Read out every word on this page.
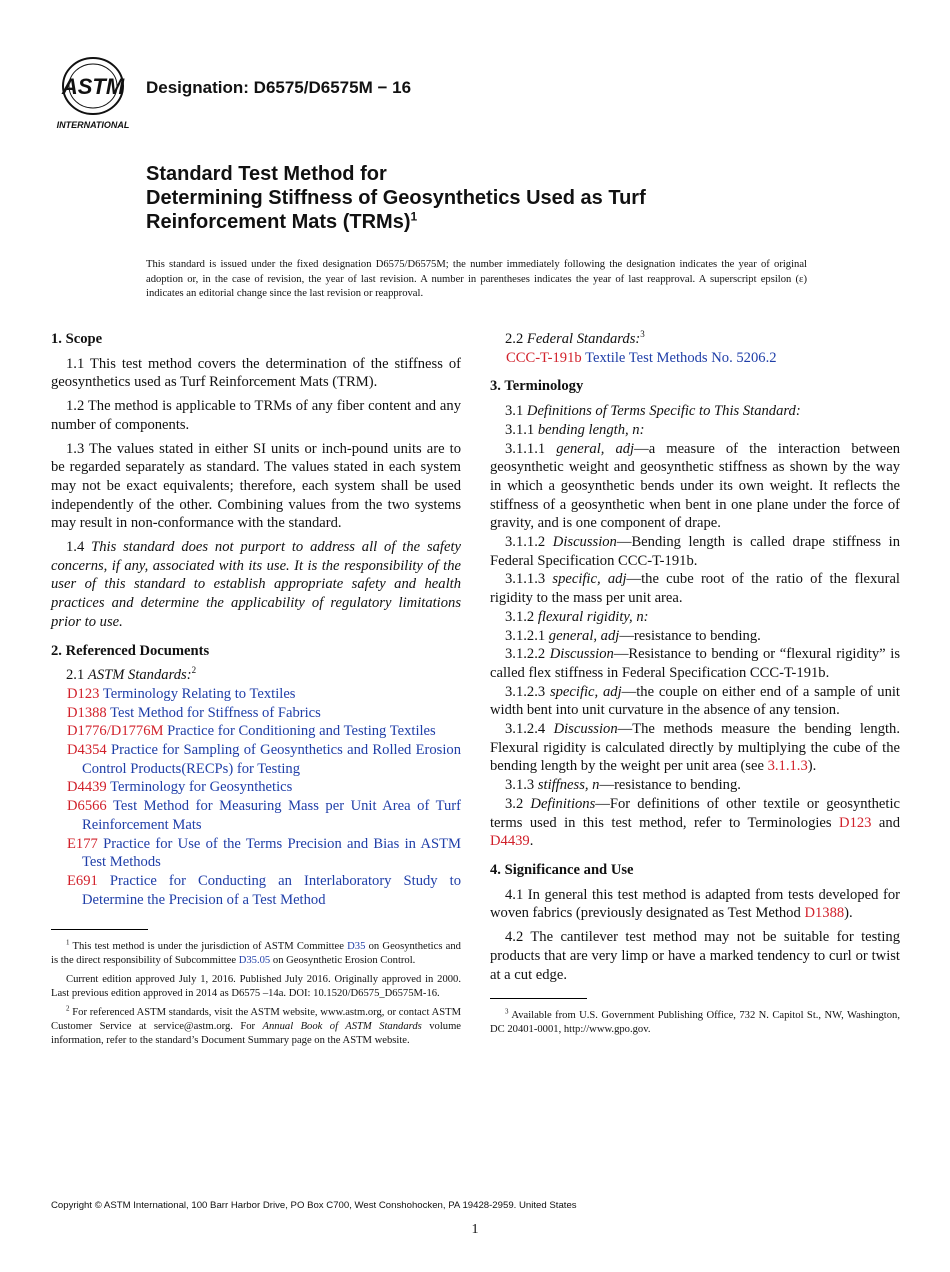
ASTM
INTERNATIONAL
Designation: D6575/D6575M − 16
Standard Test Method for
Determining Stiffness of Geosynthetics Used as Turf
Reinforcement Mats (TRMs)$^1$
This standard is issued under the fixed designation D6575/D6575M; the number immediately following the designation indicates the year of original adoption or, in the case of revision, the year of last revision. A number in parentheses indicates the year of last reapproval. A superscript epsilon (ε) indicates an editorial change since the last revision or reapproval.

1. Scope

1.1 This test method covers the determination of the stiffness of geosynthetics used as Turf Reinforcement Mats (TRM).

1.2 The method is applicable to TRMs of any fiber content and any number of components.

1.3 The values stated in either SI units or inch-pound units are to be regarded separately as standard. The values stated in each system may not be exact equivalents; therefore, each system shall be used independently of the other. Combining values from the two systems may result in non-conformance with the standard.

1.4 This standard does not purport to address all of the safety concerns, if any, associated with its use. It is the responsibility of the user of this standard to establish appropriate safety and health practices and determine the applicability of regulatory limitations prior to use.

2. Referenced Documents

2.1 ASTM Standards:$^2$

D123 Terminology Relating to Textiles

D1388 Test Method for Stiffness of Fabrics

D1776/D1776M Practice for Conditioning and Testing Textiles

D4354 Practice for Sampling of Geosynthetics and Rolled Erosion Control Products(RECPs) for Testing

D4439 Terminology for Geosynthetics

D6566 Test Method for Measuring Mass per Unit Area of Turf Reinforcement Mats

E177 Practice for Use of the Terms Precision and Bias in ASTM Test Methods

E691 Practice for Conducting an Interlaboratory Study to Determine the Precision of a Test Method

$^1$ This test method is under the jurisdiction of ASTM Committee D35 on Geosynthetics and is the direct responsibility of Subcommittee D35.05 on Geosynthetic Erosion Control.

Current edition approved July 1, 2016. Published July 2016. Originally approved in 2000. Last previous edition approved in 2014 as D6575 –14a. DOI: 10.1520/D6575_D6575M-16.

$^2$ For referenced ASTM standards, visit the ASTM website, www.astm.org, or contact ASTM Customer Service at service@astm.org. For Annual Book of ASTM Standards volume information, refer to the standard’s Document Summary page on the ASTM website.

2.2 Federal Standards:$^3$

CCC-T-191b Textile Test Methods No. 5206.2

3. Terminology

3.1 Definitions of Terms Specific to This Standard:

3.1.1 bending length, n:

3.1.1.1 general, adj—a measure of the interaction between geosynthetic weight and geosynthetic stiffness as shown by the way in which a geosynthetic bends under its own weight. It reflects the stiffness of a geosynthetic when bent in one plane under the force of gravity, and is one component of drape.

3.1.1.2 Discussion—Bending length is called drape stiffness in Federal Specification CCC-T-191b.

3.1.1.3 specific, adj—the cube root of the ratio of the flexural rigidity to the mass per unit area.

3.1.2 flexural rigidity, n:

3.1.2.1 general, adj—resistance to bending.

3.1.2.2 Discussion—Resistance to bending or “flexural rigidity” is called flex stiffness in Federal Specification CCC-T-191b.

3.1.2.3 specific, adj—the couple on either end of a sample of unit width bent into unit curvature in the absence of any tension.

3.1.2.4 Discussion—The methods measure the bending length. Flexural rigidity is calculated directly by multiplying the cube of the bending length by the weight per unit area (see 3.1.1.3).

3.1.3 stiffness, n—resistance to bending.

3.2 Definitions—For definitions of other textile or geosynthetic terms used in this test method, refer to Terminologies D123 and D4439.

4. Significance and Use

4.1 In general this test method is adapted from tests developed for woven fabrics (previously designated as Test Method D1388).

4.2 The cantilever test method may not be suitable for testing products that are very limp or have a marked tendency to curl or twist at a cut edge.

$^3$ Available from U.S. Government Publishing Office, 732 N. Capitol St., NW, Washington, DC 20401-0001, http://www.gpo.gov.

Copyright © ASTM International, 100 Barr Harbor Drive, PO Box C700, West Conshohocken, PA 19428-2959. United States
1
